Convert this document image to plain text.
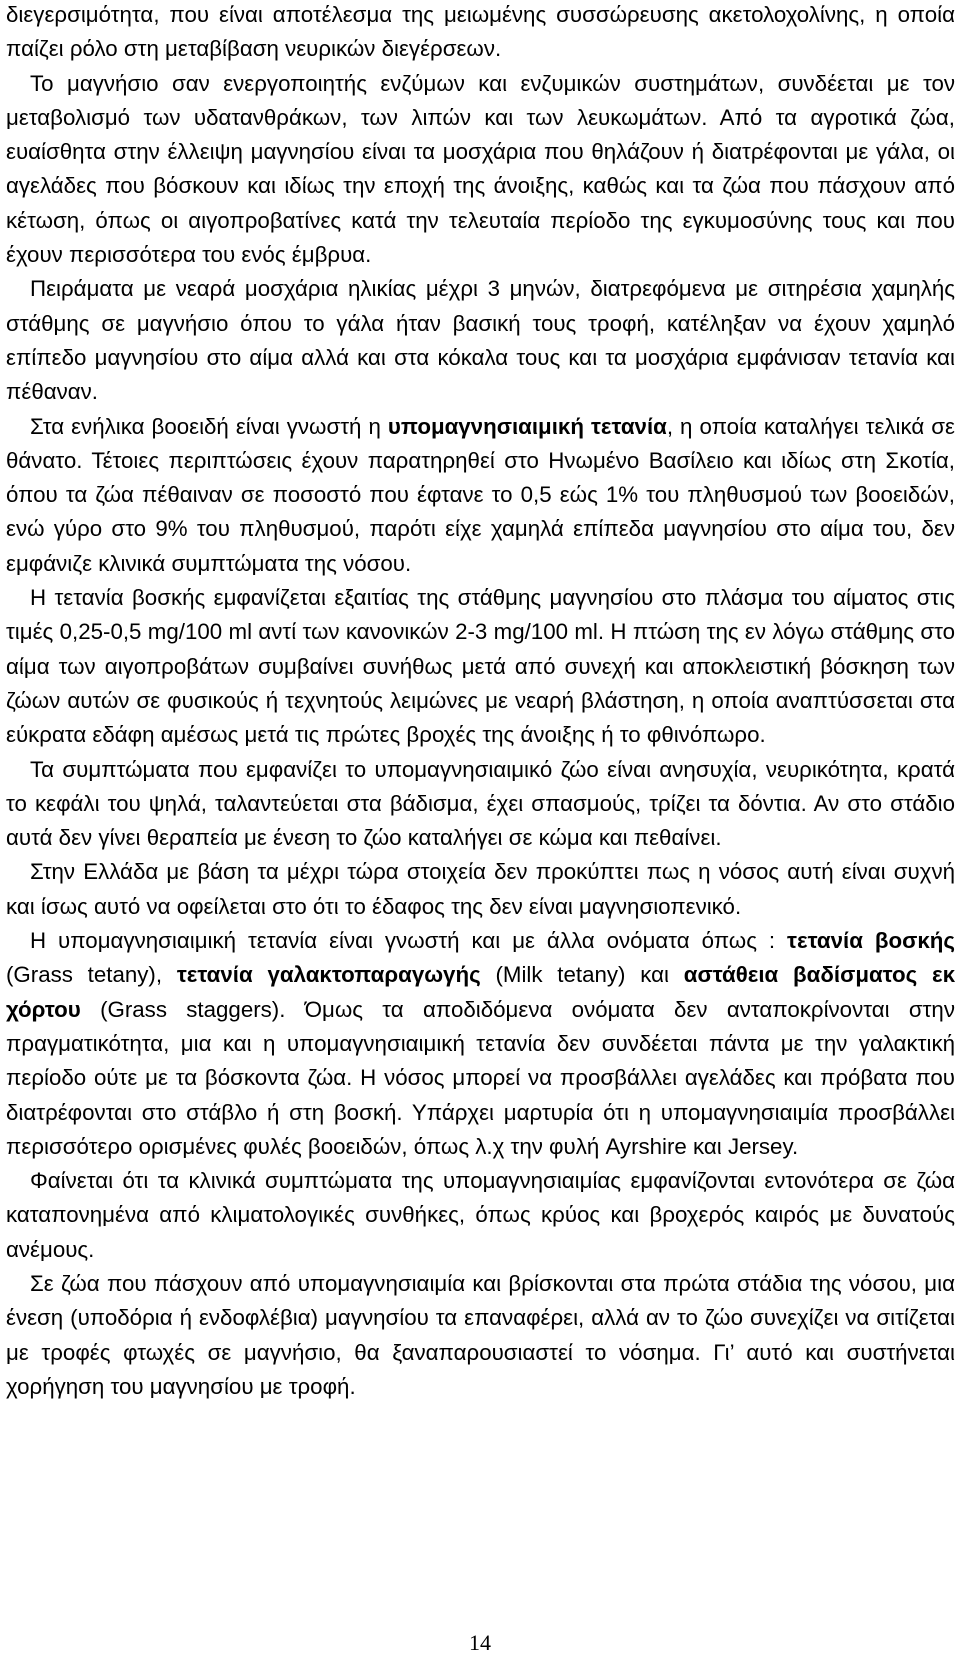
διεγερσιμότητα, που είναι αποτέλεσμα της μειωμένης συσσώρευσης ακετολοχολίνης, η οποία παίζει ρόλο στη μεταβίβαση νευρικών διεγέρσεων.

Το μαγνήσιο σαν ενεργοποιητής ενζύμων και ενζυμικών συστημάτων, συνδέεται με τον μεταβολισμό των υδατανθράκων, των λιπών και των λευκωμάτων. Από τα αγροτικά ζώα, ευαίσθητα στην έλλειψη μαγνησίου είναι τα μοσχάρια που θηλάζουν ή διατρέφονται με γάλα, οι αγελάδες που βόσκουν και ιδίως την εποχή της άνοιξης, καθώς και τα ζώα που πάσχουν από κέτωση, όπως οι αιγοπροβατίνες κατά την τελευταία περίοδο της εγκυμοσύνης τους και που έχουν περισσότερα του ενός έμβρυα.

Πειράματα με νεαρά μοσχάρια ηλικίας μέχρι 3 μηνών, διατρεφόμενα με σιτηρέσια χαμηλής στάθμης σε μαγνήσιο όπου το γάλα ήταν βασική τους τροφή, κατέληξαν να έχουν χαμηλό επίπεδο μαγνησίου στο αίμα αλλά και στα κόκαλα τους και τα μοσχάρια εμφάνισαν τετανία και πέθαναν.

Στα ενήλικα βοοειδή είναι γνωστή η υπομαγνησιαιμική τετανία, η οποία καταλήγει τελικά σε θάνατο. Τέτοιες περιπτώσεις έχουν παρατηρηθεί στο Ηνωμένο Βασίλειο και ιδίως στη Σκοτία, όπου τα ζώα πέθαιναν σε ποσοστό που έφτανε το 0,5 εώς 1% του πληθυσμού των βοοειδών, ενώ γύρο στο 9% του πληθυσμού, παρότι είχε χαμηλά επίπεδα μαγνησίου στο αίμα του, δεν εμφάνιζε κλινικά συμπτώματα της νόσου.

Η τετανία βοσκής εμφανίζεται εξαιτίας της στάθμης μαγνησίου στο πλάσμα του αίματος στις τιμές 0,25-0,5 mg/100 ml αντί των κανονικών 2-3 mg/100 ml. Η πτώση της εν λόγω στάθμης στο αίμα των αιγοπροβάτων συμβαίνει συνήθως μετά από συνεχή και αποκλειστική βόσκηση των ζώων αυτών σε φυσικούς ή τεχνητούς λειμώνες με νεαρή βλάστηση, η οποία αναπτύσσεται στα εύκρατα εδάφη αμέσως μετά τις πρώτες βροχές της άνοιξης ή το φθινόπωρο.

Τα συμπτώματα που εμφανίζει το υπομαγνησιαιμικό ζώο είναι ανησυχία, νευρικότητα, κρατά το κεφάλι του ψηλά, ταλαντεύεται στα βάδισμα, έχει σπασμούς, τρίζει τα δόντια. Αν στο στάδιο αυτά δεν γίνει θεραπεία με ένεση το ζώο καταλήγει σε κώμα και πεθαίνει.

Στην Ελλάδα με βάση τα μέχρι τώρα στοιχεία δεν προκύπτει πως η νόσος αυτή είναι συχνή και ίσως αυτό να οφείλεται στο ότι το έδαφος της δεν είναι μαγνησιοπενικό.

Η υπομαγνησιαιμική τετανία είναι γνωστή και με άλλα ονόματα όπως : τετανία βοσκής (Grass tetany), τετανία γαλακτοπαραγωγής (Milk tetany) και αστάθεια βαδίσματος εκ χόρτου (Grass staggers). Όμως τα αποδιδόμενα ονόματα δεν ανταποκρίνονται στην πραγματικότητα, μια και η υπομαγνησιαιμική τετανία δεν συνδέεται πάντα με την γαλακτική περίοδο ούτε με τα βόσκοντα ζώα. Η νόσος μπορεί να προσβάλλει αγελάδες και πρόβατα που διατρέφονται στο στάβλο ή στη βοσκή. Υπάρχει μαρτυρία ότι η υπομαγνησιαιμία προσβάλλει περισσότερο ορισμένες φυλές βοοειδών, όπως λ.χ την φυλή Ayrshire και Jersey.

Φαίνεται ότι τα κλινικά συμπτώματα της υπομαγνησιαιμίας εμφανίζονται εντονότερα σε ζώα καταπονημένα από κλιματολογικές συνθήκες, όπως κρύος και βροχερός καιρός με δυνατούς ανέμους.

Σε ζώα που πάσχουν από υπομαγνησιαιμία και βρίσκονται στα πρώτα στάδια της νόσου, μια ένεση (υποδόρια ή ενδοφλέβια) μαγνησίου τα επαναφέρει, αλλά αν το ζώο συνεχίζει να σιτίζεται με τροφές φτωχές σε μαγνήσιο, θα ξαναπαρουσιαστεί το νόσημα. Γι’ αυτό και συστήνεται χορήγηση του μαγνησίου με τροφή.

14
